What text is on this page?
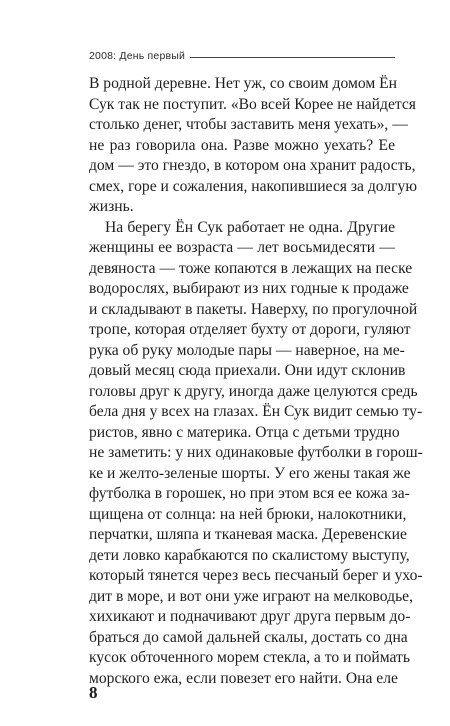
2008: День первый
В родной деревне. Нет уж, со своим домом Ён
Сук так не поступит. «Во всей Корее не найдется
столько денег, чтобы заставить меня уехать», —
не раз говорила она. Разве можно уехать? Ее
дом — это гнездо, в котором она хранит радость,
смех, горе и сожаления, накопившиеся за долгую
жизнь.
На берегу Ён Сук работает не одна. Другие
женщины ее возраста — лет восьмидесяти —
девяноста — тоже копаются в лежащих на песке
водорослях, выбирают из них годные к продаже
и складывают в пакеты. Наверху, по прогулочной
тропе, которая отделяет бухту от дороги, гуляют
рука об руку молодые пары — наверное, на ме-
довый месяц сюда приехали. Они идут склонив
головы друг к другу, иногда даже целуются средь
бела дня у всех на глазах. Ён Сук видит семью ту-
ристов, явно с материка. Отца с детьми трудно
не заметить: у них одинаковые футболки в горош-
ке и желто-зеленые шорты. У его жены такая же
футболка в горошек, но при этом вся ее кожа за-
щищена от солнца: на ней брюки, налокотники,
перчатки, шляпа и тканевая маска. Деревенские
дети ловко карабкаются по скалистому выступу,
который тянется через весь песчаный берег и ухо-
дит в море, и вот они уже играют на мелководье,
хихикают и подначивают друг друга первым до-
браться до самой дальней скалы, достать со дна
кусок обточенного морем стекла, а то и поймать
морского ежа, если повезет его найти. Она еле
8
